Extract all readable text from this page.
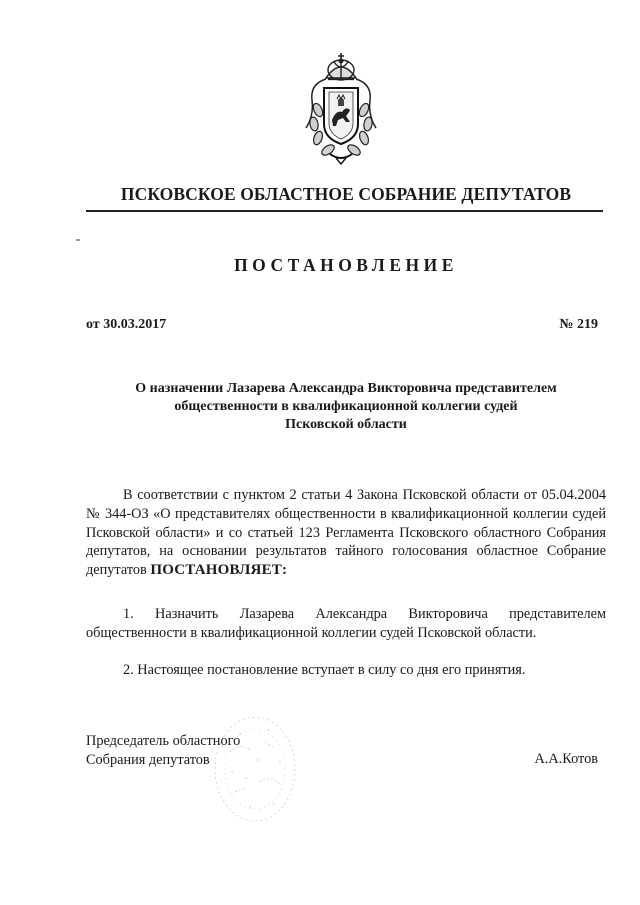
ПСКОВСКОЕ ОБЛАСТНОЕ СОБРАНИЕ ДЕПУТАТОВ
ПОСТАНОВЛЕНИЕ
от 30.03.2017	№ 219
О назначении Лазарева Александра Викторовича представителем
общественности в квалификационной коллегии судей
Псковской области
В соответствии с пунктом 2 статьи 4 Закона Псковской области от 05.04.2004 № 344-ОЗ «О представителях общественности в квалификационной коллегии судей Псковской области» и со статьей 123 Регламента Псковского областного Собрания депутатов, на основании результатов тайного голосования областное Собрание депутатов ПОСТАНОВЛЯЕТ:
1. Назначить Лазарева Александра Викторовича представителем общественности в квалификационной коллегии судей Псковской области.
2. Настоящее постановление вступает в силу со дня его принятия.
Председатель областного
Собрания депутатов	А.А.Котов
